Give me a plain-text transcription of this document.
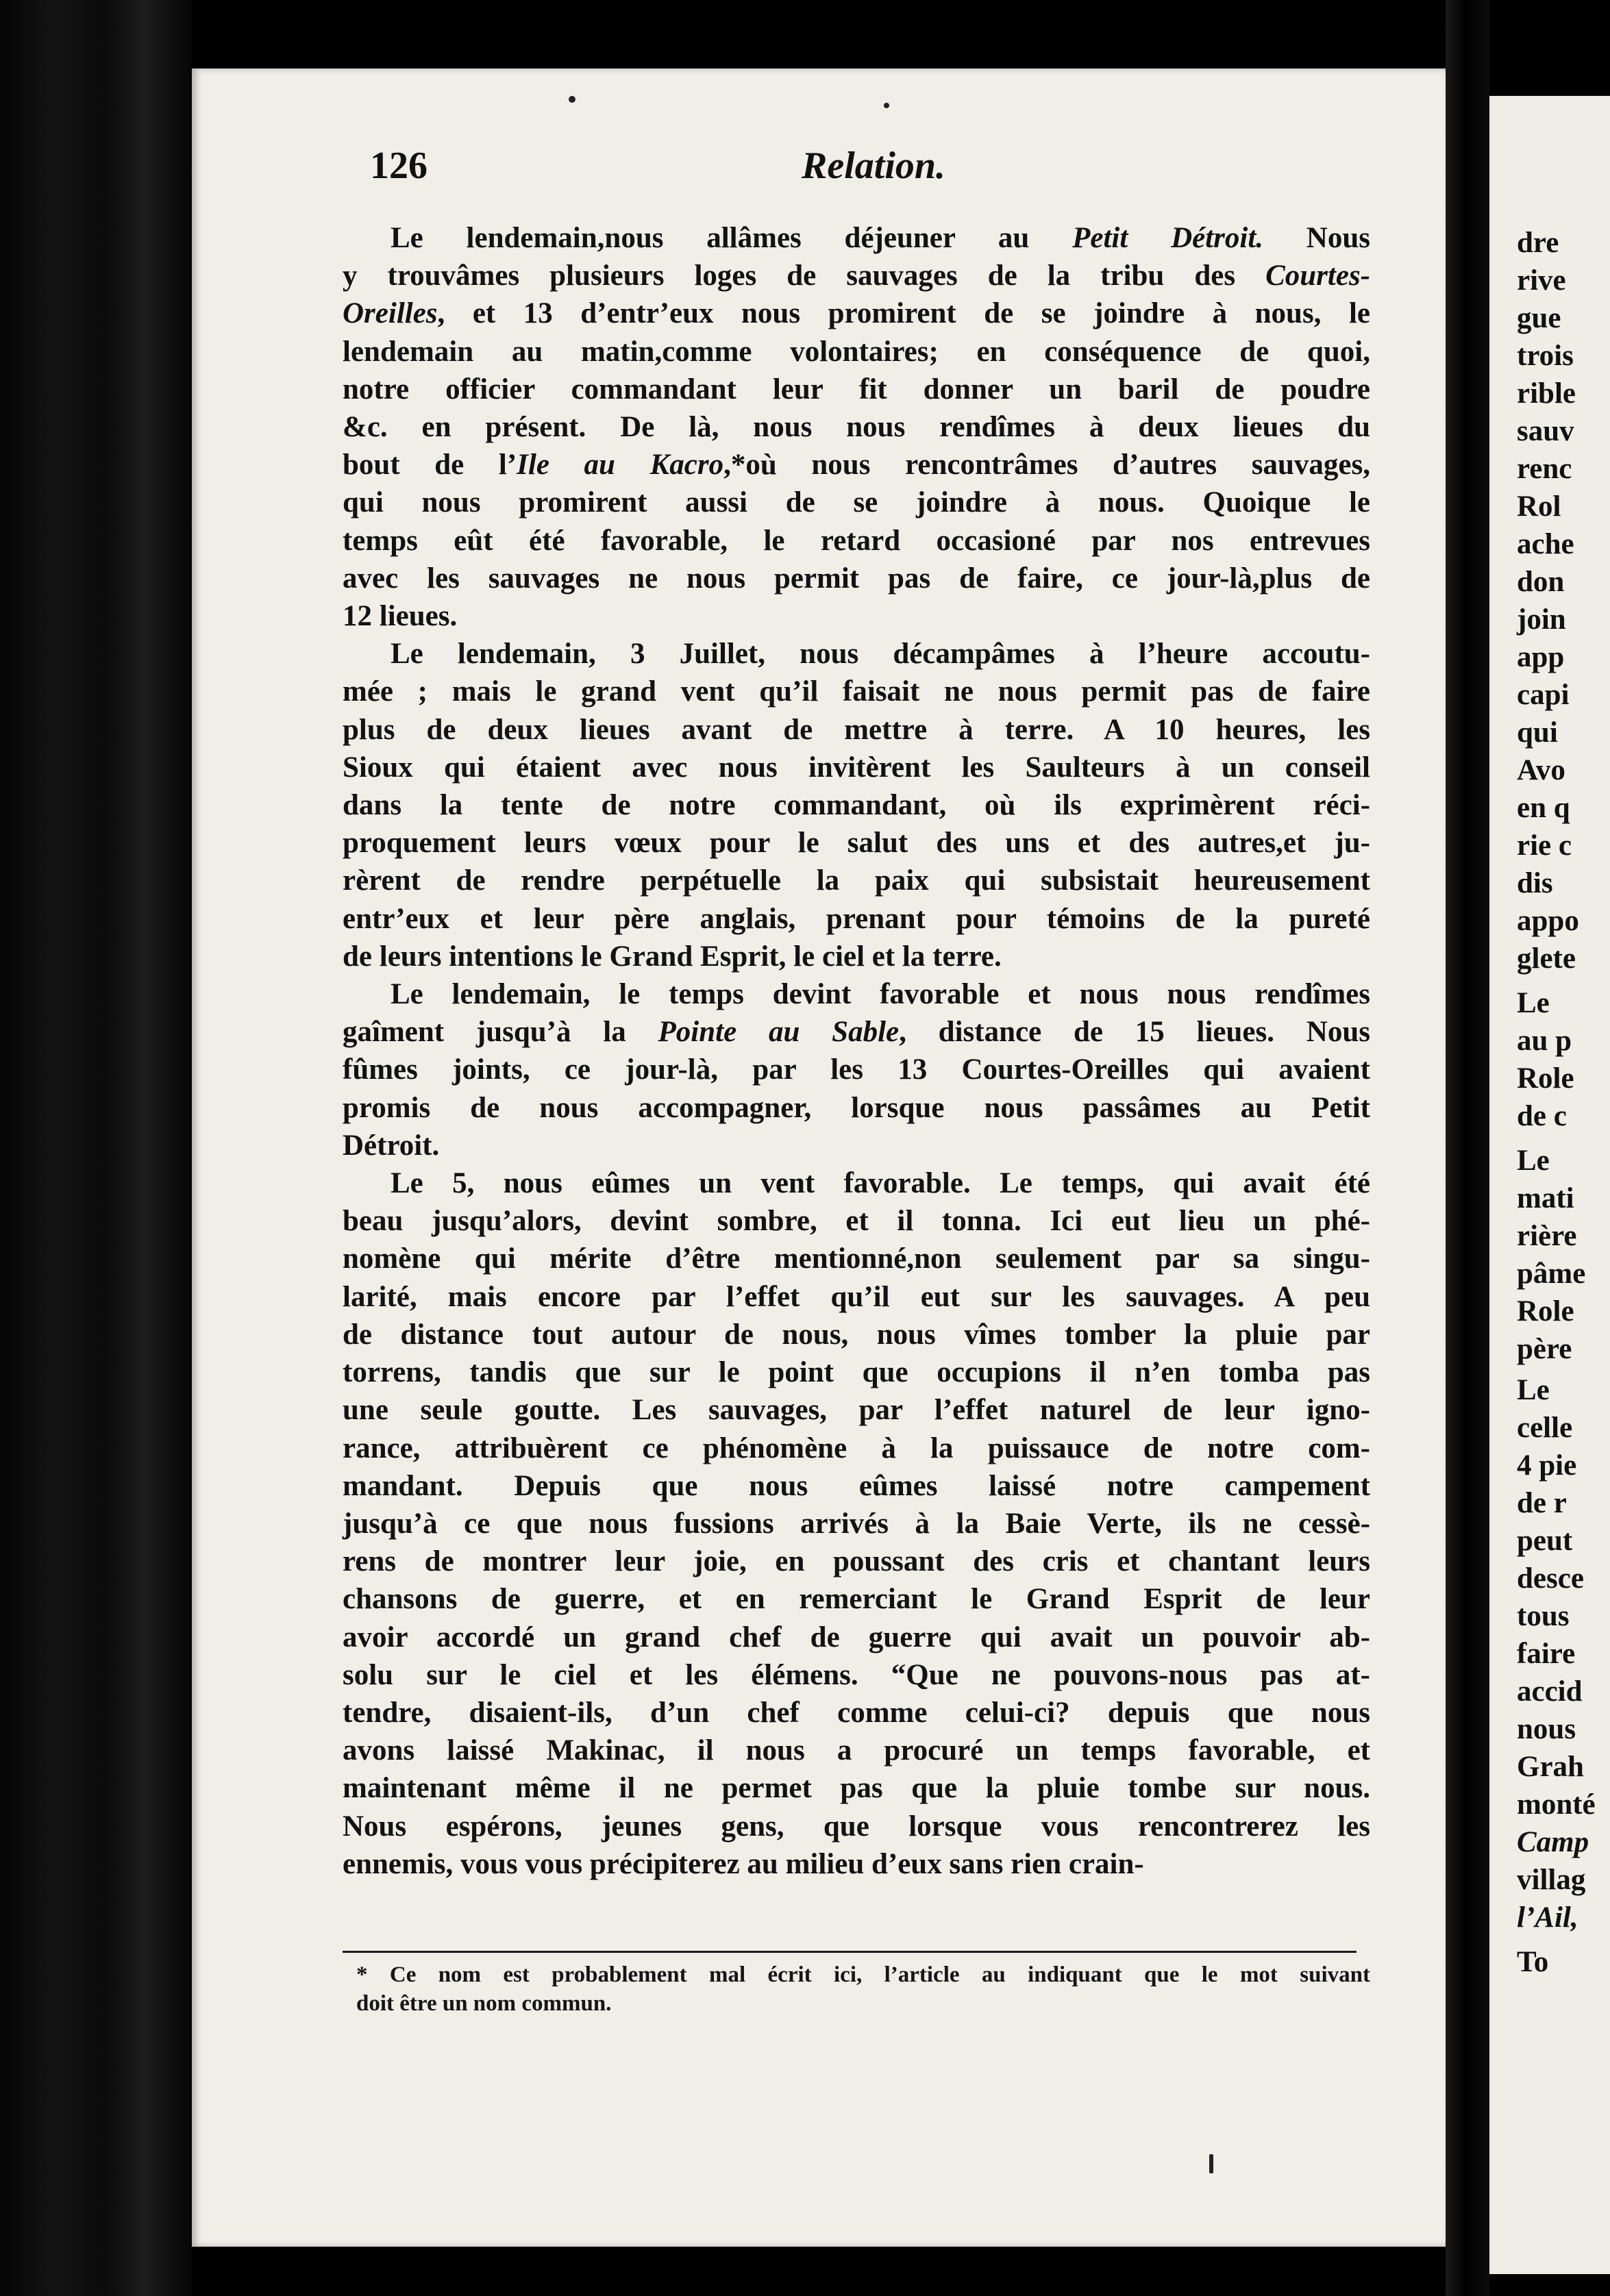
126	Relation.
Le lendemain,nous allâmes déjeuner au Petit Détroit. Nous
y trouvâmes plusieurs loges de sauvages de la tribu des Courtes-
Oreilles, et 13 d’entr’eux nous promirent de se joindre à nous, le
lendemain au matin,comme volontaires; en conséquence de quoi,
notre officier commandant leur fit donner un baril de poudre
&c. en présent. De là, nous nous rendîmes à deux lieues du
bout de l’Ile au Kacro,*où nous rencontrâmes d’autres sauvages,
qui nous promirent aussi de se joindre à nous. Quoique le
temps eût été favorable, le retard occasioné par nos entrevues
avec les sauvages ne nous permit pas de faire, ce jour-là,plus de
12 lieues.
Le lendemain, 3 Juillet, nous décampâmes à l’heure accoutu-
mée ; mais le grand vent qu’il faisait ne nous permit pas de faire
plus de deux lieues avant de mettre à terre. A 10 heures, les
Sioux qui étaient avec nous invitèrent les Saulteurs à un conseil
dans la tente de notre commandant, où ils exprimèrent réci-
proquement leurs vœux pour le salut des uns et des autres,et ju-
rèrent de rendre perpétuelle la paix qui subsistait heureusement
entr’eux et leur père anglais, prenant pour témoins de la pureté
de leurs intentions le Grand Esprit, le ciel et la terre.
Le lendemain, le temps devint favorable et nous nous rendîmes
gaîment jusqu’à la Pointe au Sable, distance de 15 lieues. Nous
fûmes joints, ce jour-là, par les 13 Courtes-Oreilles qui avaient
promis de nous accompagner, lorsque nous passâmes au Petit
Détroit.
Le 5, nous eûmes un vent favorable. Le temps, qui avait été
beau jusqu’alors, devint sombre, et il tonna. Ici eut lieu un phé-
nomène qui mérite d’être mentionné,non seulement par sa singu-
larité, mais encore par l’effet qu’il eut sur les sauvages. A peu
de distance tout autour de nous, nous vîmes tomber la pluie par
torrens, tandis que sur le point que occupions il n’en tomba pas
une seule goutte. Les sauvages, par l’effet naturel de leur igno-
rance, attribuèrent ce phénomène à la puissauce de notre com-
mandant. Depuis que nous eûmes laissé notre campement
jusqu’à ce que nous fussions arrivés à la Baie Verte, ils ne cessè-
rens de montrer leur joie, en poussant des cris et chantant leurs
chansons de guerre, et en remerciant le Grand Esprit de leur
avoir accordé un grand chef de guerre qui avait un pouvoir ab-
solu sur le ciel et les élémens. “Que ne pouvons-nous pas at-
tendre, disaient-ils, d’un chef comme celui-ci? depuis que nous
avons laissé Makinac, il nous a procuré un temps favorable, et
maintenant même il ne permet pas que la pluie tombe sur nous.
Nous espérons, jeunes gens, que lorsque vous rencontrerez les
ennemis, vous vous précipiterez au milieu d’eux sans rien crain-
* Ce nom est probablement mal écrit ici, l’article au indiquant que le mot suivant
doit être un nom commun.
dre
rive
gue
trois
rible
sauv
renc
Rol
ache
don
join
app
capi
qui
Avo
en q
rie c
dis
appo
glete
Le
au p
Role
de c
Le
mati
rière
pâme
Role
père
Le
celle
4 pie
de r
peut
desce
tous
faire
accid
nous
Grah
monté
Camp
villag
l’Ail,
To
